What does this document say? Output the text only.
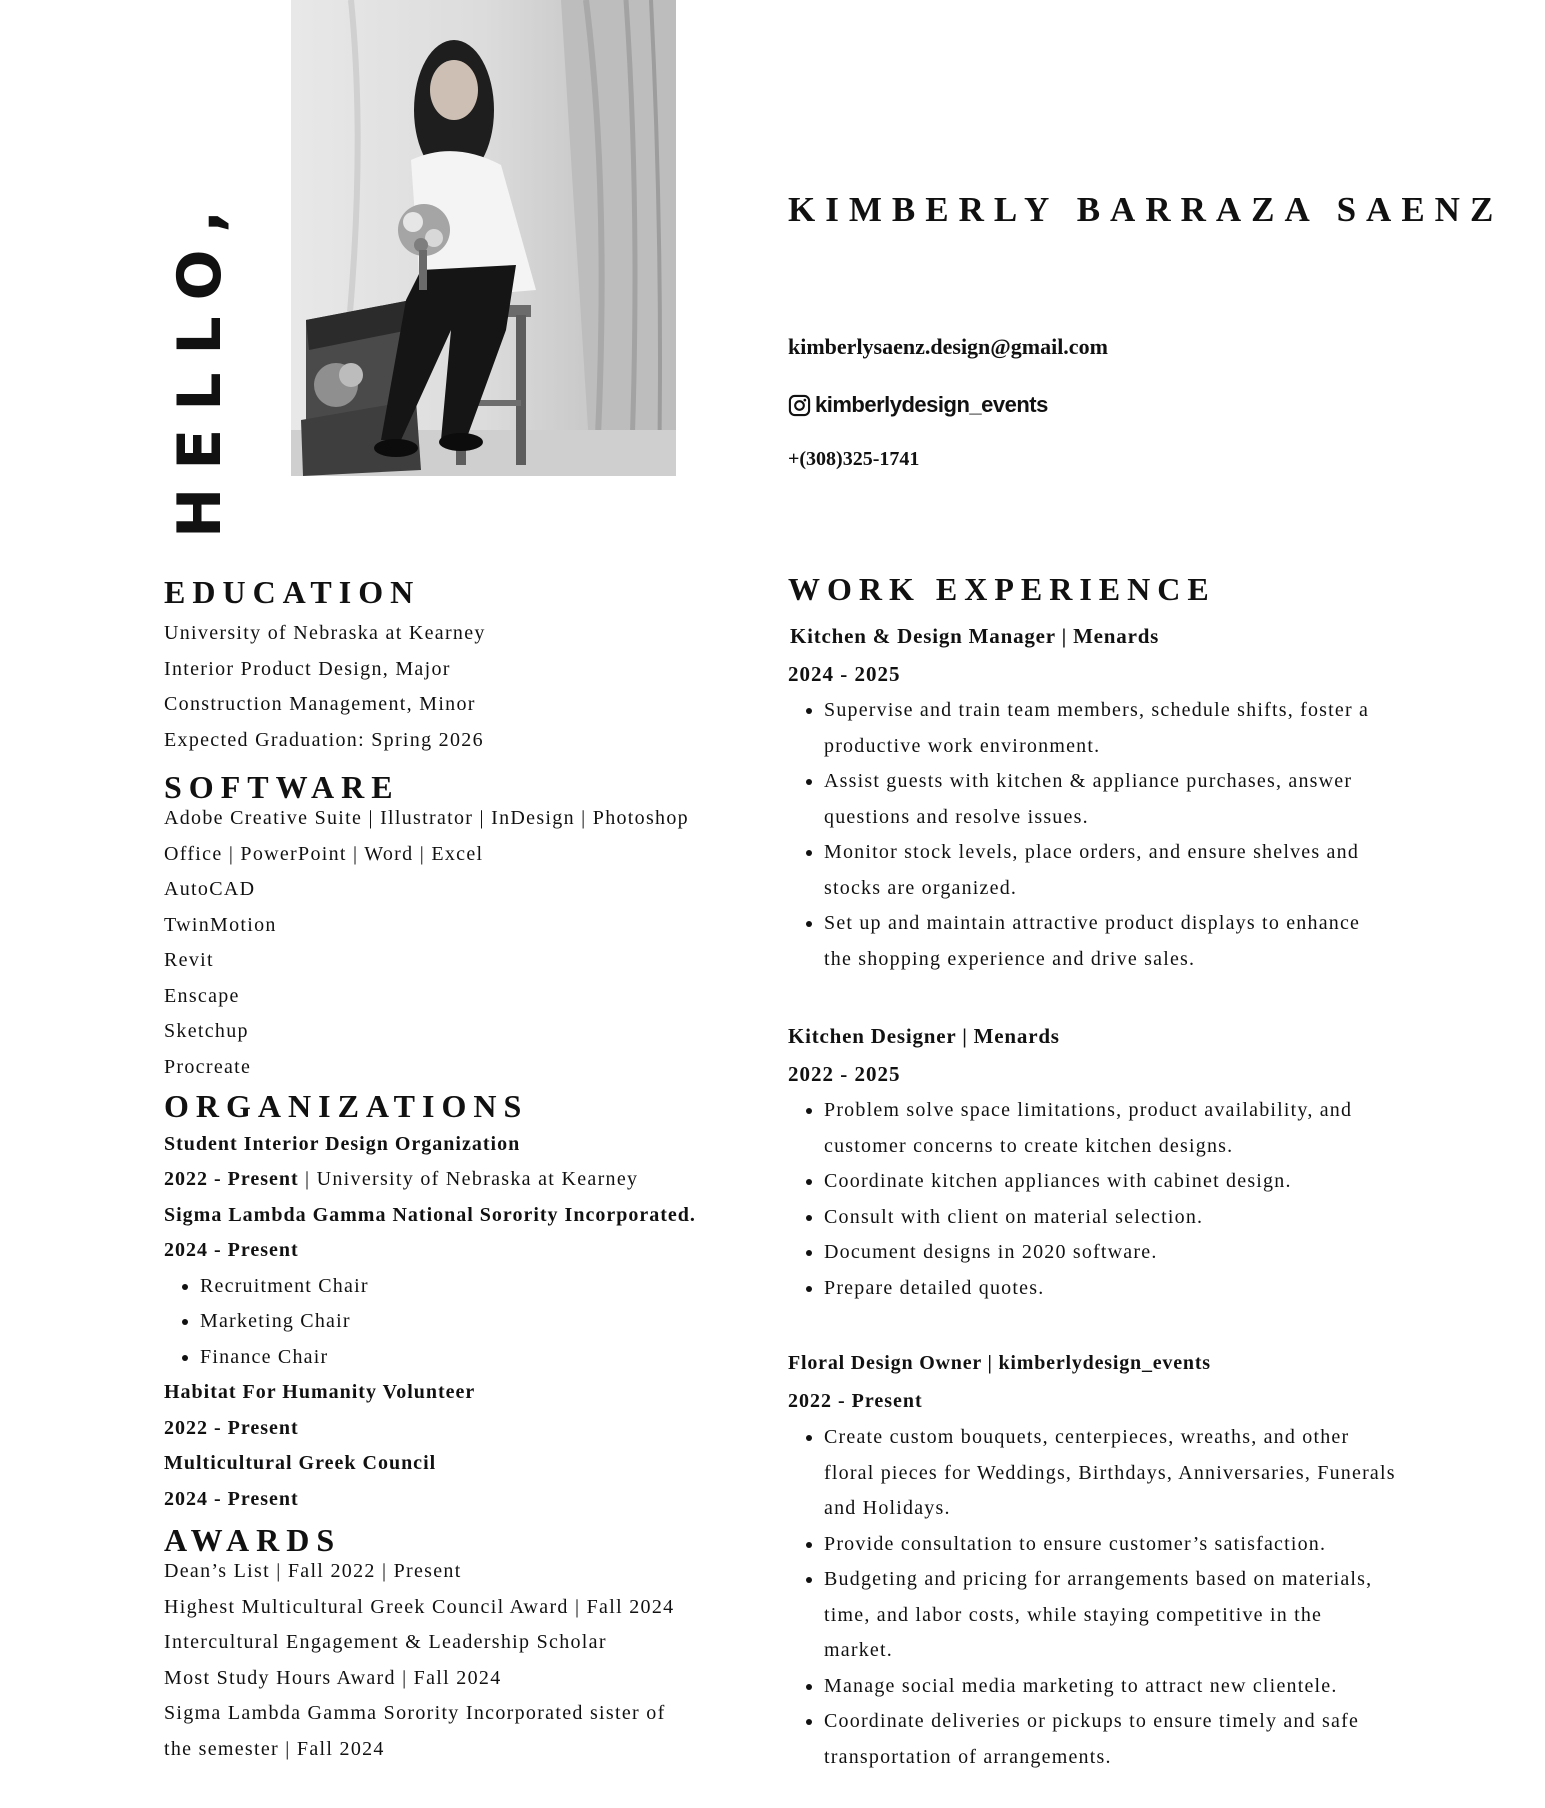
HELLO,	KIMBERLY BARRAZA SAENZ
kimberlysaenz.design@gmail.com
kimberlydesign_events
+(308)325-1741
EDUCATION
University of Nebraska at Kearney
Interior Product Design, Major
Construction Management, Minor
Expected Graduation: Spring 2026
SOFTWARE
Adobe Creative Suite | Illustrator | InDesign | Photoshop
Office | PowerPoint | Word | Excel
AutoCAD
TwinMotion
Revit
Enscape
Sketchup
Procreate
ORGANIZATIONS
Student Interior Design Organization
2022 - Present | University of Nebraska at Kearney
Sigma Lambda Gamma National Sorority Incorporated.
2024 - Present
• Recruitment Chair
• Marketing Chair
• Finance Chair
Habitat For Humanity Volunteer
2022 - Present
Multicultural Greek Council
2024 - Present
AWARDS
Dean’s List | Fall 2022 | Present
Highest Multicultural Greek Council Award | Fall 2024
Intercultural Engagement & Leadership Scholar
Most Study Hours Award | Fall 2024
Sigma Lambda Gamma Sorority Incorporated sister of
the semester | Fall 2024
WORK EXPERIENCE
Kitchen & Design Manager | Menards
2024 - 2025
• Supervise and train team members, schedule shifts, foster a
productive work environment.
• Assist guests with kitchen & appliance purchases, answer
questions and resolve issues.
• Monitor stock levels, place orders, and ensure shelves and
stocks are organized.
• Set up and maintain attractive product displays to enhance
the shopping experience and drive sales.
Kitchen Designer | Menards
2022 - 2025
• Problem solve space limitations, product availability, and
customer concerns to create kitchen designs.
• Coordinate kitchen appliances with cabinet design.
• Consult with client on material selection.
• Document designs in 2020 software.
• Prepare detailed quotes.
Floral Design Owner | kimberlydesign_events
2022 - Present
• Create custom bouquets, centerpieces, wreaths, and other
floral pieces for Weddings, Birthdays, Anniversaries, Funerals
and Holidays.
• Provide consultation to ensure customer’s satisfaction.
• Budgeting and pricing for arrangements based on materials,
time, and labor costs, while staying competitive in the
market.
• Manage social media marketing to attract new clientele.
• Coordinate deliveries or pickups to ensure timely and safe
transportation of arrangements.
